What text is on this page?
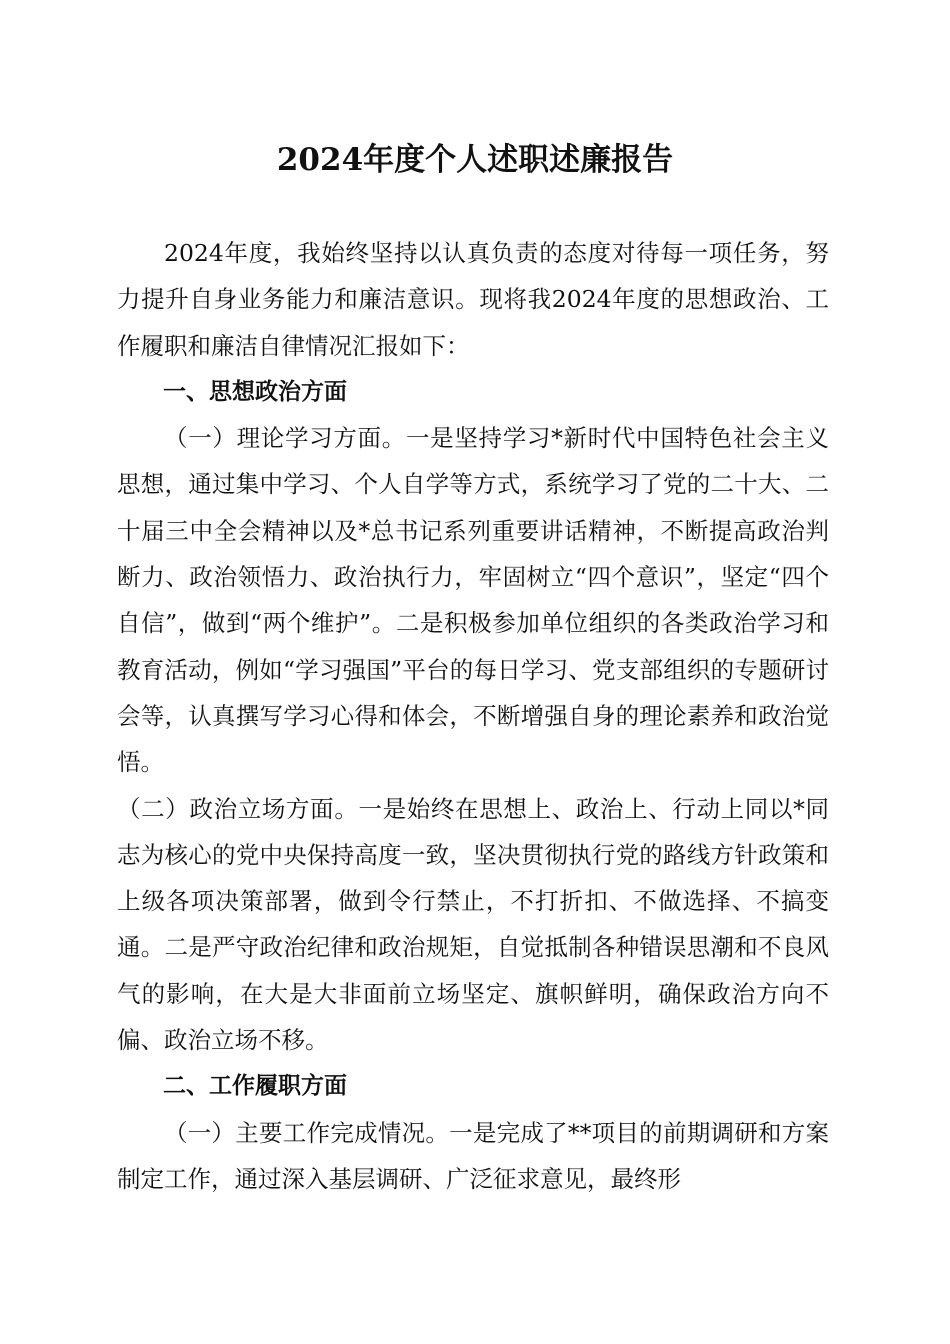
2024年度个人述职述廉报告

2024年度，我始终坚持以认真负责的态度对待每一项任务，努力提升自身业务能力和廉洁意识。现将我2024年度的思想政治、工作履职和廉洁自律情况汇报如下：

一、思想政治方面

（一）理论学习方面。一是坚持学习*新时代中国特色社会主义思想，通过集中学习、个人自学等方式，系统学习了党的二十大、二十届三中全会精神以及*总书记系列重要讲话精神，不断提高政治判断力、政治领悟力、政治执行力，牢固树立“四个意识”，坚定“四个自信”，做到“两个维护”。二是积极参加单位组织的各类政治学习和教育活动，例如“学习强国”平台的每日学习、党支部组织的专题研讨会等，认真撰写学习心得和体会，不断增强自身的理论素养和政治觉悟。

（二）政治立场方面。一是始终在思想上、政治上、行动上同以*同志为核心的党中央保持高度一致，坚决贯彻执行党的路线方针政策和上级各项决策部署，做到令行禁止，不打折扣、不做选择、不搞变通。二是严守政治纪律和政治规矩，自觉抵制各种错误思潮和不良风气的影响，在大是大非面前立场坚定、旗帜鲜明，确保政治方向不偏、政治立场不移。

二、工作履职方面

（一）主要工作完成情况。一是完成了**项目的前期调研和方案制定工作，通过深入基层调研、广泛征求意见，最终形
